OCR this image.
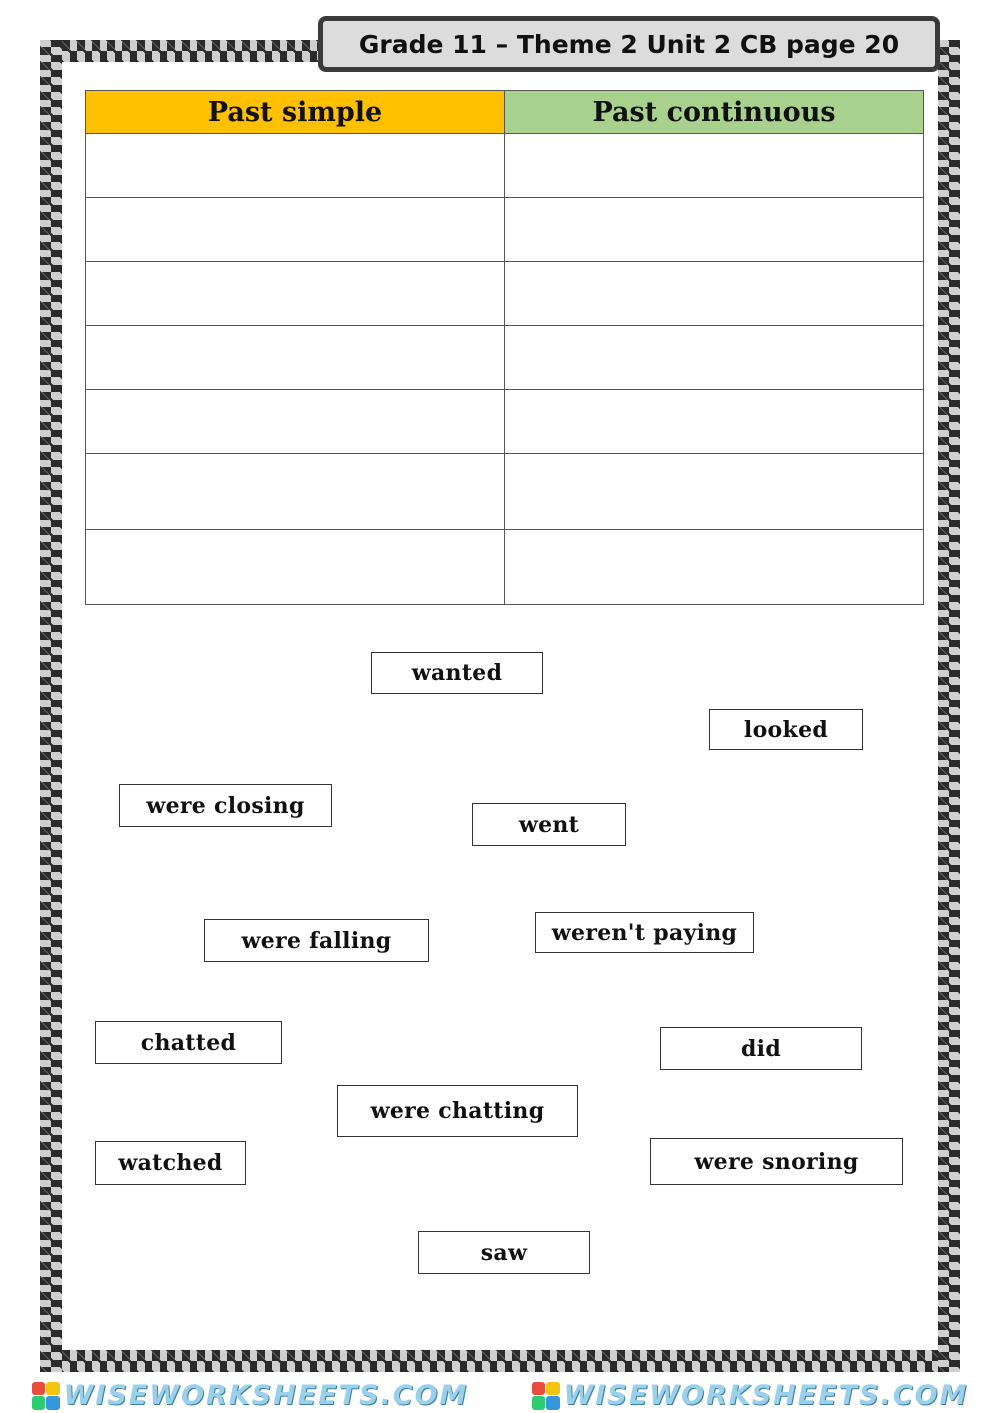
Grade 11 – Theme 2 Unit 2 CB page 20
Past simple	Past continuous

wanted
looked
were closing
went
were falling	weren't paying
chatted	did
were chatting
watched	were snoring
saw
WISEWORKSHEETS.COM	WISEWORKSHEETS.COM
